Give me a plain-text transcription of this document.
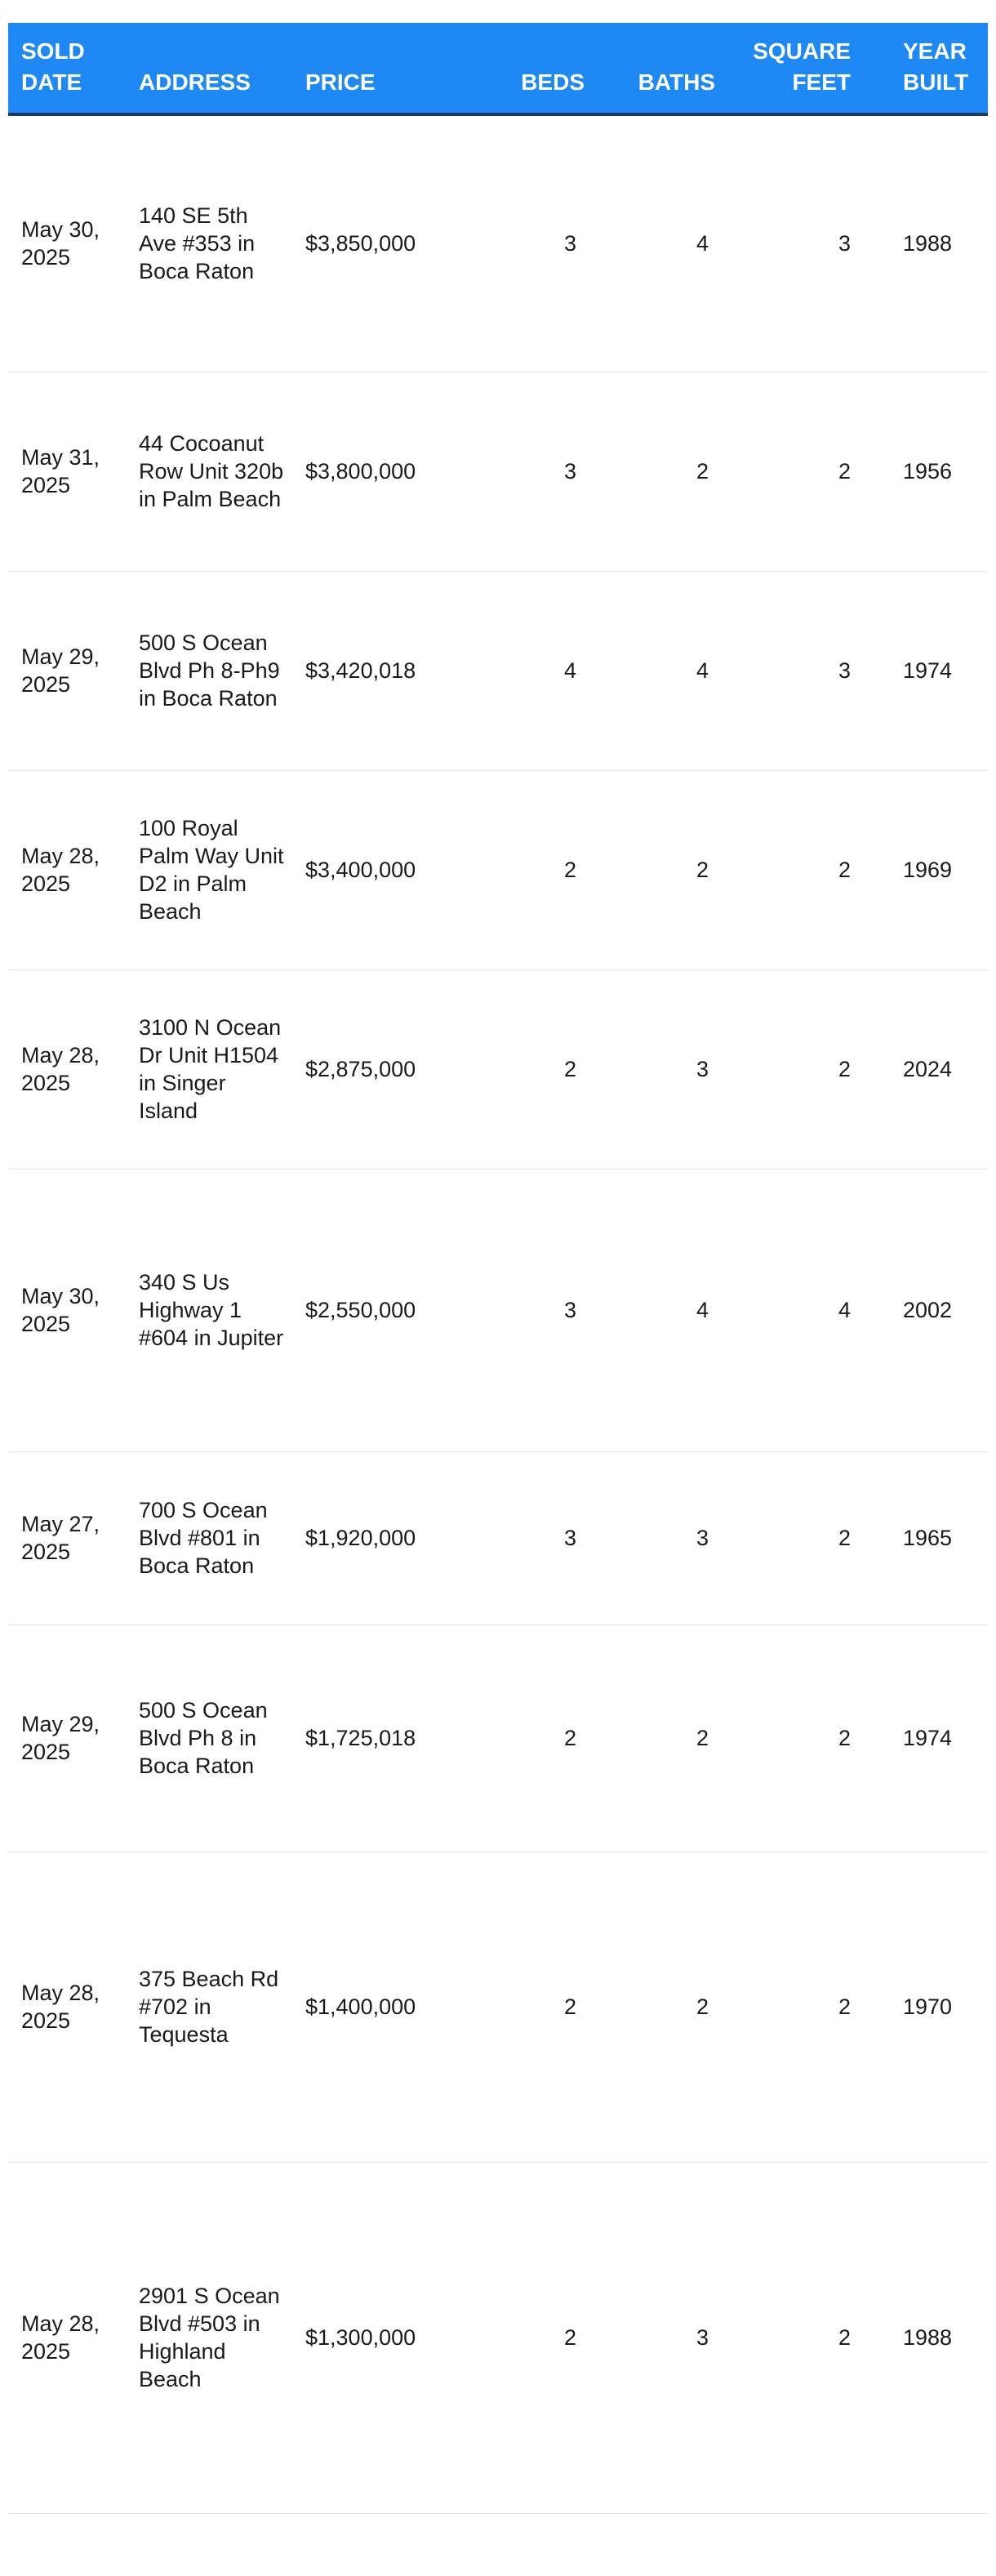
SOLD DATE	ADDRESS	PRICE	BEDS	BATHS	SQUARE FEET	YEAR BUILT
May 30, 2025	140 SE 5th Ave #353 in Boca Raton	$3,850,000	3	4	3	1988
May 31, 2025	44 Cocoanut Row Unit 320b in Palm Beach	$3,800,000	3	2	2	1956
May 29, 2025	500 S Ocean Blvd Ph 8-Ph9 in Boca Raton	$3,420,018	4	4	3	1974
May 28, 2025	100 Royal Palm Way Unit D2 in Palm Beach	$3,400,000	2	2	2	1969
May 28, 2025	3100 N Ocean Dr Unit H1504 in Singer Island	$2,875,000	2	3	2	2024
May 30, 2025	340 S Us Highway 1 #604 in Jupiter	$2,550,000	3	4	4	2002
May 27, 2025	700 S Ocean Blvd #801 in Boca Raton	$1,920,000	3	3	2	1965
May 29, 2025	500 S Ocean Blvd Ph 8 in Boca Raton	$1,725,018	2	2	2	1974
May 28, 2025	375 Beach Rd #702 in Tequesta	$1,400,000	2	2	2	1970
May 28, 2025	2901 S Ocean Blvd #503 in Highland Beach	$1,300,000	2	3	2	1988
